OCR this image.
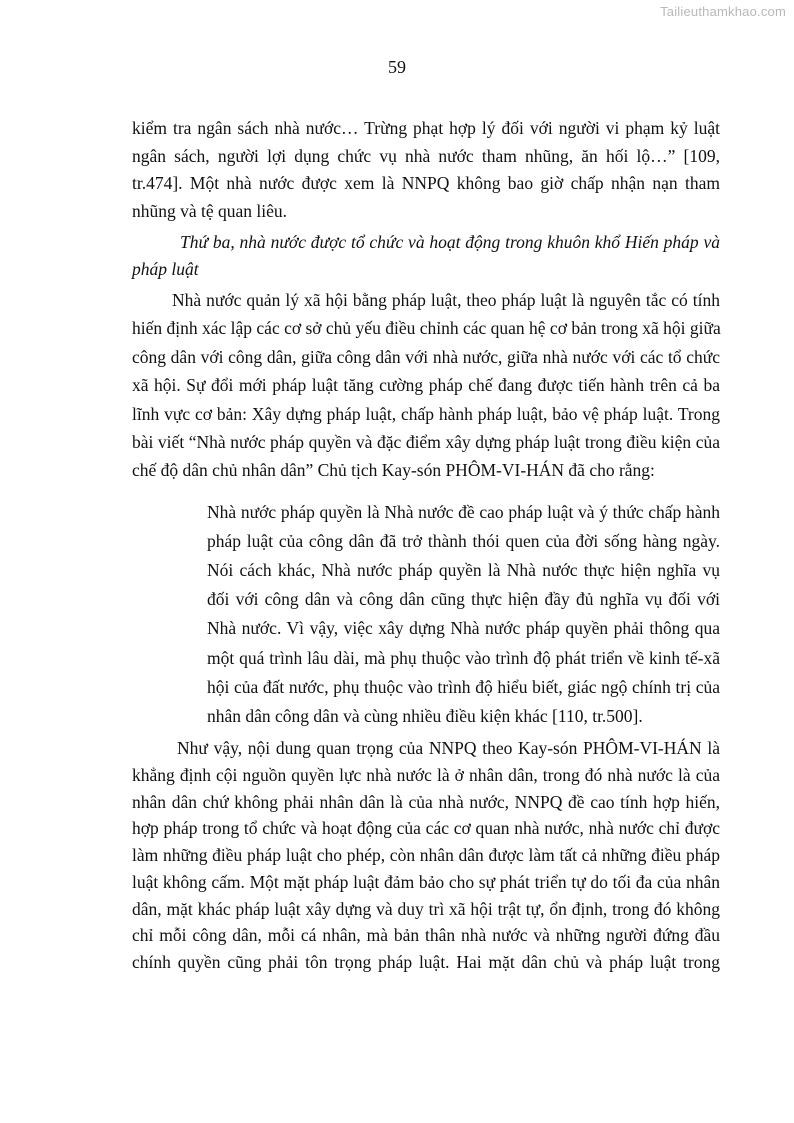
Tailieuthamkhao.com
59
kiểm tra ngân sách nhà nước… Trừng phạt hợp lý đối với người vi phạm kỷ luật
ngân sách, người lợi dụng chức vụ nhà nước tham nhũng, ăn hối lộ…” [109,
tr.474]. Một nhà nước được xem là NNPQ không bao giờ chấp nhận nạn tham
nhũng và tệ quan liêu.
Thứ ba, nhà nước được tổ chức và hoạt động trong khuôn khổ Hiến pháp và
pháp luật
Nhà nước quản lý xã hội bằng pháp luật, theo pháp luật là nguyên tắc có tính
hiến định xác lập các cơ sở chủ yếu điều chỉnh các quan hệ cơ bản trong xã hội giữa
công dân với công dân, giữa công dân với nhà nước, giữa nhà nước với các tổ chức
xã hội. Sự đổi mới pháp luật tăng cường pháp chế đang được tiến hành trên cả ba
lĩnh vực cơ bản: Xây dựng pháp luật, chấp hành pháp luật, bảo vệ pháp luật. Trong
bài viết “Nhà nước pháp quyền và đặc điểm xây dựng pháp luật trong điều kiện của
chế độ dân chủ nhân dân” Chủ tịch Kay-són PHÔM-VI-HÁN đã cho rằng:
Nhà nước pháp quyền là Nhà nước đề cao pháp luật và ý thức chấp hành
pháp luật của công dân đã trở thành thói quen của đời sống hàng ngày.
Nói cách khác, Nhà nước pháp quyền là Nhà nước thực hiện nghĩa vụ
đối với công dân và công dân cũng thực hiện đầy đủ nghĩa vụ đối với
Nhà nước. Vì vậy, việc xây dựng Nhà nước pháp quyền phải thông qua
một quá trình lâu dài, mà phụ thuộc vào trình độ phát triển về kinh tế-xã
hội của đất nước, phụ thuộc vào trình độ hiểu biết, giác ngộ chính trị của
nhân dân công dân và cùng nhiều điều kiện khác [110, tr.500].
Như vậy, nội dung quan trọng của NNPQ theo Kay-són PHÔM-VI-HÁN là
khẳng định cội nguồn quyền lực nhà nước là ở nhân dân, trong đó nhà nước là của
nhân dân chứ không phải nhân dân là của nhà nước, NNPQ đề cao tính hợp hiến,
hợp pháp trong tổ chức và hoạt động của các cơ quan nhà nước, nhà nước chỉ được
làm những điều pháp luật cho phép, còn nhân dân được làm tất cả những điều pháp
luật không cấm. Một mặt pháp luật đảm bảo cho sự phát triển tự do tối đa của nhân
dân, mặt khác pháp luật xây dựng và duy trì xã hội trật tự, ổn định, trong đó không
chỉ mỗi công dân, mỗi cá nhân, mà bản thân nhà nước và những người đứng đầu
chính quyền cũng phải tôn trọng pháp luật. Hai mặt dân chủ và pháp luật trong
